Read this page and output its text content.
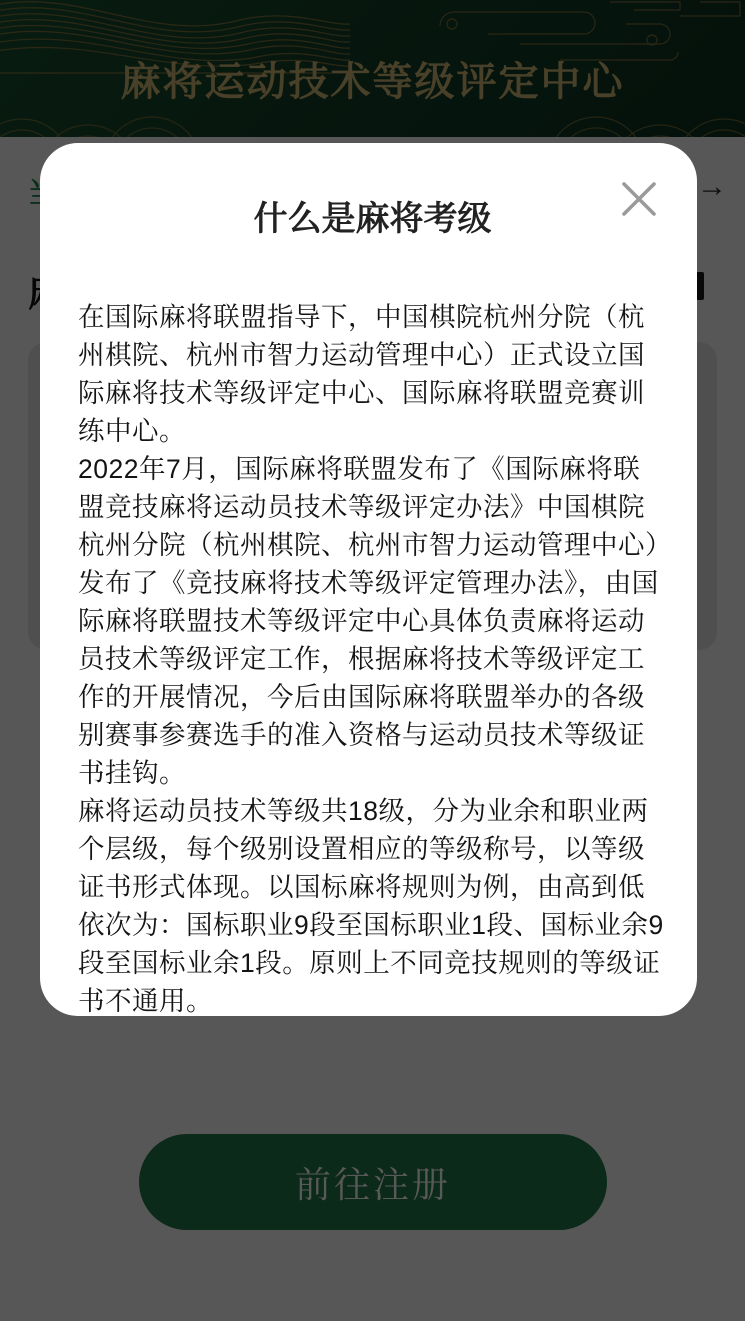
什么是麻将考级

在国际麻将联盟指导下，中国棋院杭州分院（杭州棋院、杭州市智力运动管理中心）正式设立国际麻将技术等级评定中心、国际麻将联盟竞赛训练中心。

2022年7月，国际麻将联盟发布了《国际麻将联盟竞技麻将运动员技术等级评定办法》中国棋院杭州分院（杭州棋院、杭州市智力运动管理中心）发布了《竞技麻将技术等级评定管理办法》，由国际麻将联盟技术等级评定中心具体负责麻将运动员技术等级评定工作，根据麻将技术等级评定工作的开展情况，今后由国际麻将联盟举办的各级别赛事参赛选手的准入资格与运动员技术等级证书挂钩。

麻将运动员技术等级共18级，分为业余和职业两个层级，每个级别设置相应的等级称号，以等级证书形式体现。以国标麻将规则为例，由高到低依次为：国标职业9段至国标职业1段、国标业余9段至国标业余1段。原则上不同竞技规则的等级证书不通用。
